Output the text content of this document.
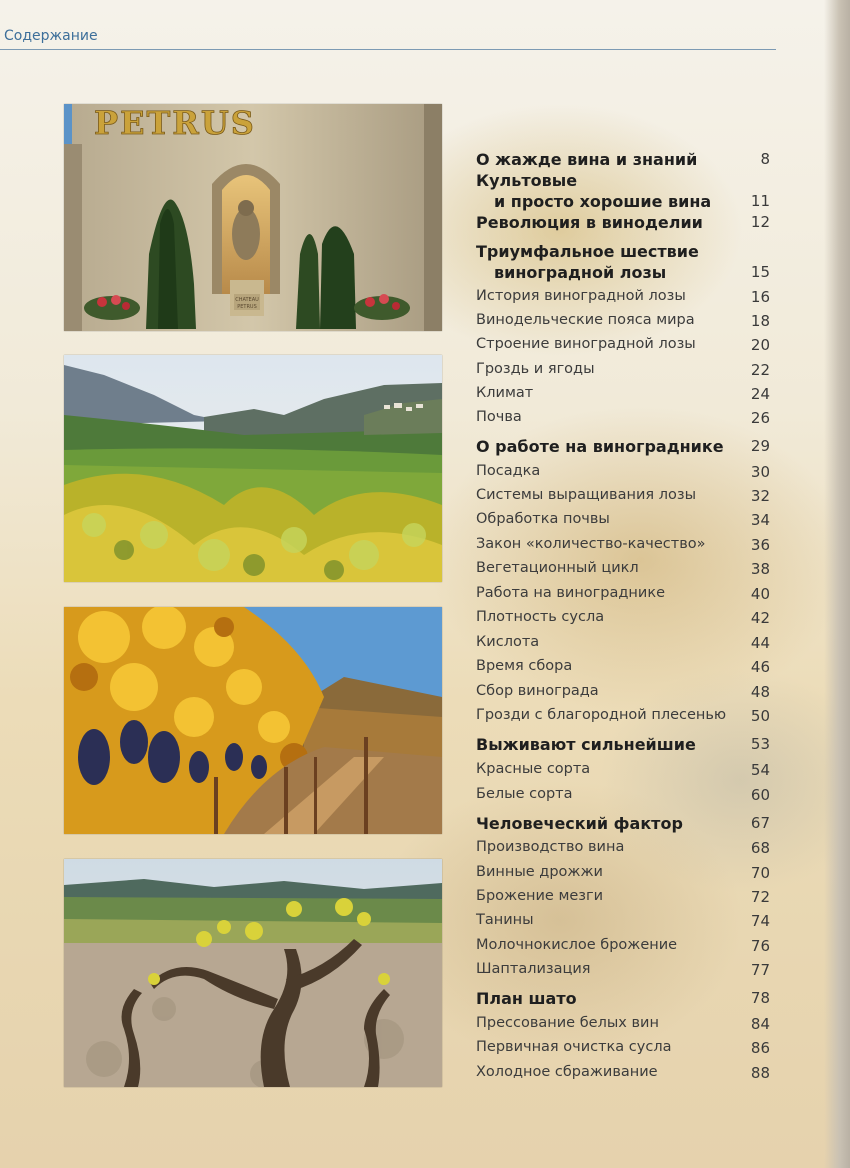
Содержание
CHATEAU
PETRUS
PETRUS
О жажде вина и знаний	8
Культовые
и просто хорошие вина	11
Революция в виноделии	12
Триумфальное шествие
виноградной лозы	15
История виноградной лозы	16
Винодельческие пояса мира	18
Строение виноградной лозы	20
Гроздь и ягоды	22
Климат	24
Почва	26
О работе на винограднике 29
Посадка	30
Системы выращивания лозы	32
Обработка почвы	34
Закон «количество-качество»	36
Вегетационный цикл	38
Работа на винограднике	40
Плотность сусла	42
Кислота	44
Время сбора	46
Сбор винограда	48
Грозди с благородной плесенью 50
Выживают сильнейшие	53
Красные сорта	54
Белые сорта	60
Человеческий фактор	67
Производство вина	68
Винные дрожжи	70
Брожение мезги	72
Танины	74
Молочнокислое брожение	76
Шаптализация	77
План шато	78
Прессование белых вин	84
Первичная очистка сусла	86
Холодное сбраживание	88
